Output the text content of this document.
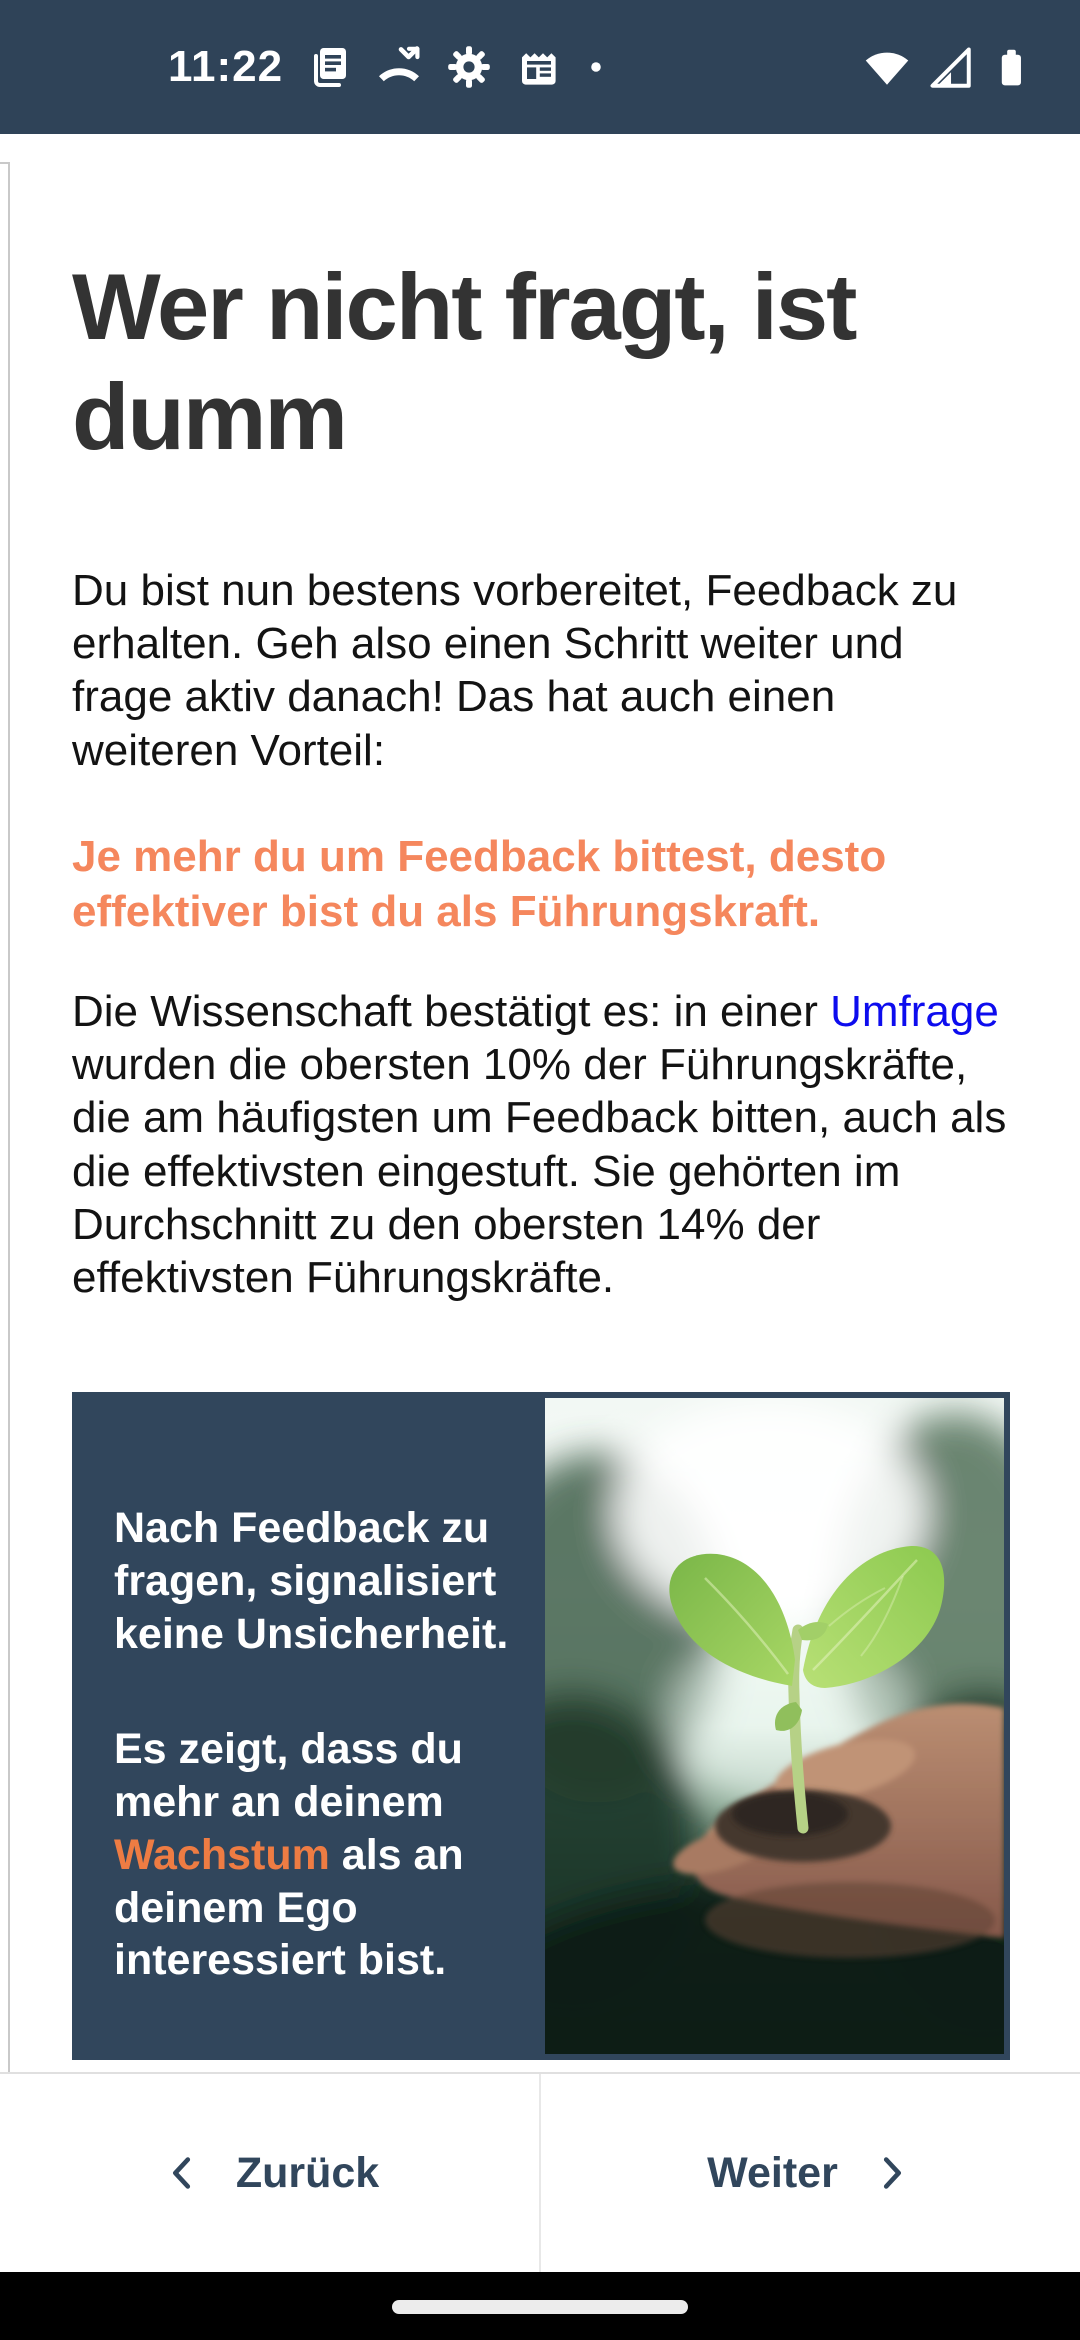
11:22
Wer nicht fragt, ist dumm

Du bist nun bestens vorbereitet, Feedback zu erhalten. Geh also einen Schritt weiter und frage aktiv danach! Das hat auch einen weiteren Vorteil:

Je mehr du um Feedback bittest, desto effektiver bist du als Führungskraft.

Die Wissenschaft bestätigt es: in einer Umfrage wurden die obersten 10% der Führungskräfte, die am häufigsten um Feedback bitten, auch als die effektivsten eingestuft. Sie gehörten im Durchschnitt zu den obersten 14% der effektivsten Führungskräfte.

Nach Feedback zu fragen, signalisiert keine Unsicherheit.

Es zeigt, dass du mehr an deinem Wachstum als an deinem Ego interessiert bist.

Zurück	Weiter
